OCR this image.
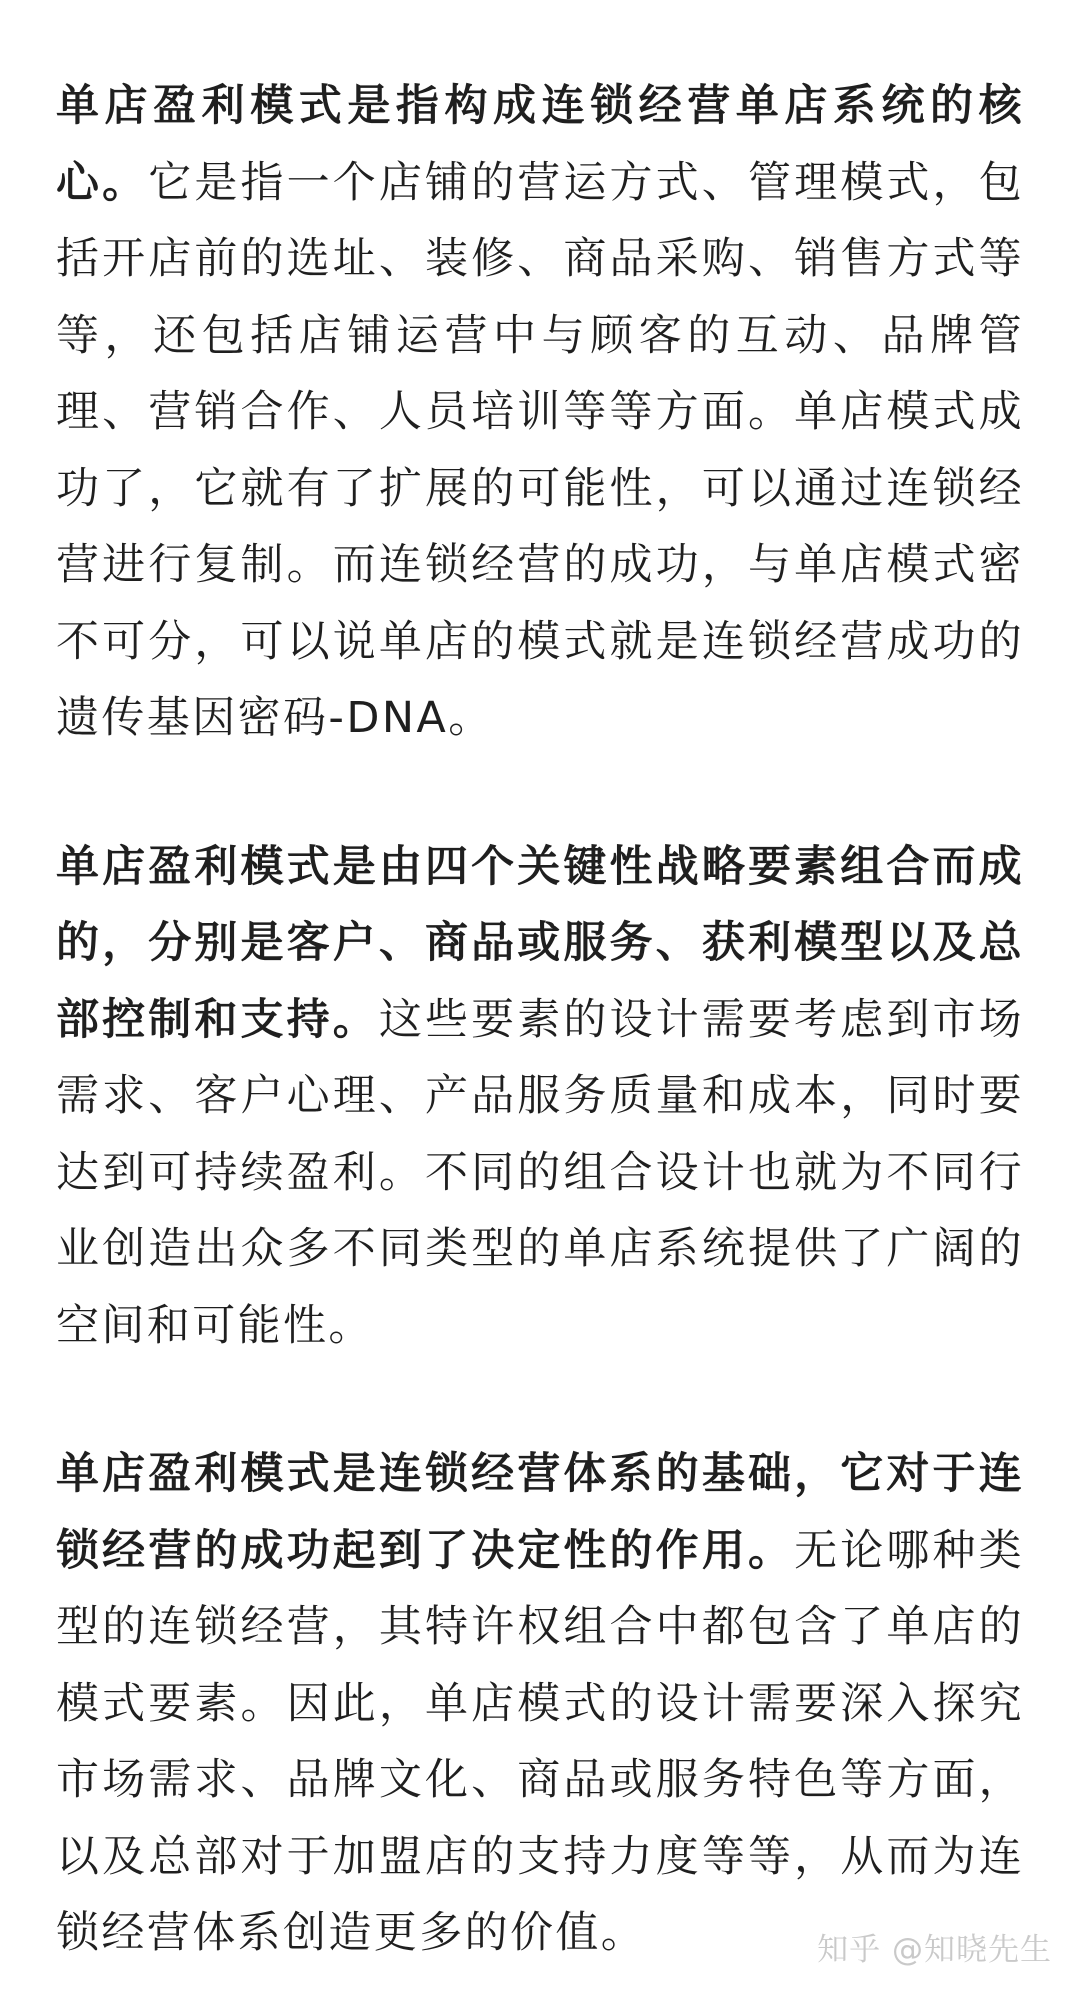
单店盈利模式是指构成连锁经营单店系统的核心。它是指一个店铺的营运方式、管理模式，包括开店前的选址、装修、商品采购、销售方式等等，还包括店铺运营中与顾客的互动、品牌管理、营销合作、人员培训等等方面。单店模式成功了，它就有了扩展的可能性，可以通过连锁经营进行复制。而连锁经营的成功，与单店模式密不可分，可以说单店的模式就是连锁经营成功的遗传基因密码-DNA。

单店盈利模式是由四个关键性战略要素组合而成的，分别是客户、商品或服务、获利模型以及总部控制和支持。这些要素的设计需要考虑到市场需求、客户心理、产品服务质量和成本，同时要达到可持续盈利。不同的组合设计也就为不同行业创造出众多不同类型的单店系统提供了广阔的空间和可能性。

单店盈利模式是连锁经营体系的基础，它对于连锁经营的成功起到了决定性的作用。无论哪种类型的连锁经营，其特许权组合中都包含了单店的模式要素。因此，单店模式的设计需要深入探究市场需求、品牌文化、商品或服务特色等方面，以及总部对于加盟店的支持力度等等，从而为连锁经营体系创造更多的价值。	知乎 @知晓先生
